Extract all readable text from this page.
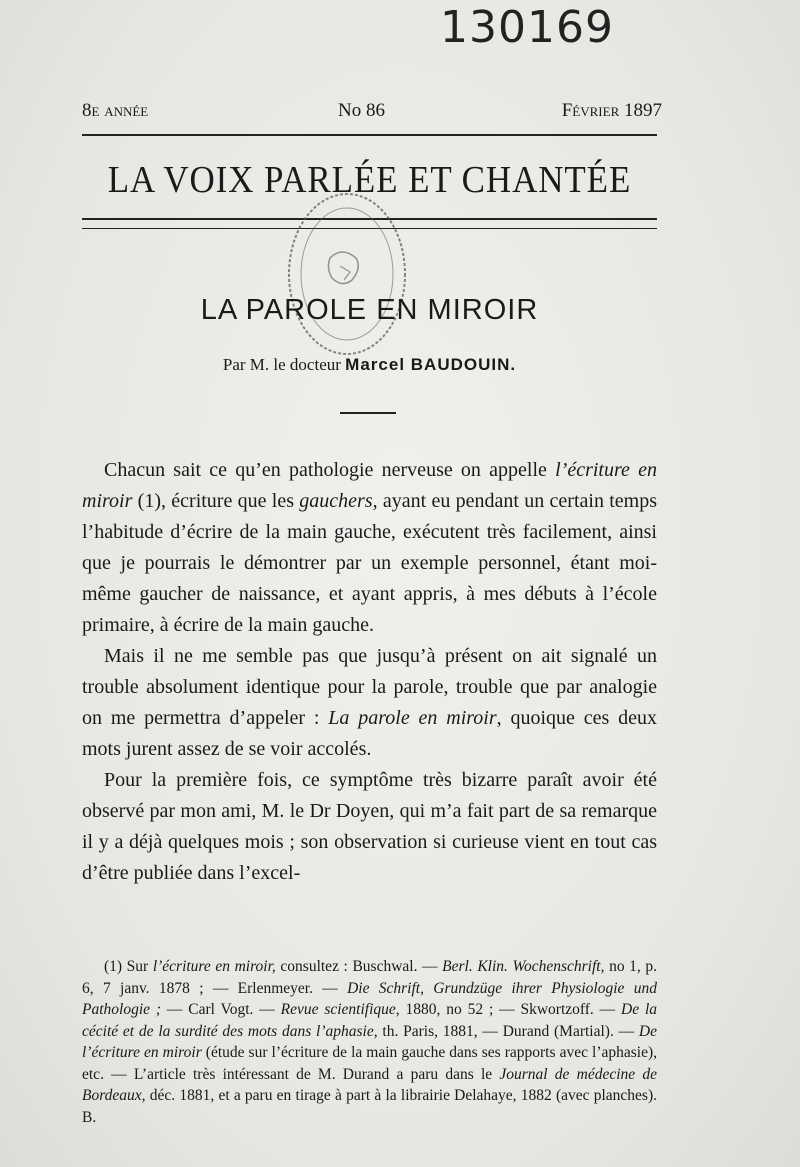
130169
8e année	No 86	Février 1897
LA VOIX PARLÉE ET CHANTÉE
LA PAROLE EN MIROIR
Par M. le docteur Marcel BAUDOUIN.

Chacun sait ce qu’en pathologie nerveuse on appelle l’écriture en miroir (1), écriture que les gauchers, ayant eu pendant un certain temps l’habitude d’écrire de la main gauche, exécutent très facilement, ainsi que je pourrais le démontrer par un exemple personnel, étant moi-même gaucher de naissance, et ayant appris, à mes débuts à l’école primaire, à écrire de la main gauche.

Mais il ne me semble pas que jusqu’à présent on ait signalé un trouble absolument identique pour la parole, trouble que par analogie on me permettra d’appeler : La parole en miroir, quoique ces deux mots jurent assez de se voir accolés.

Pour la première fois, ce symptôme très bizarre paraît avoir été observé par mon ami, M. le Dr Doyen, qui m’a fait part de sa remarque il y a déjà quelques mois ; son observation si curieuse vient en tout cas d’être publiée dans l’excel-

(1) Sur l’écriture en miroir, consultez : Buschwal. — Berl. Klin. Wochenschrift, no 1, p. 6, 7 janv. 1878 ; — Erlenmeyer. — Die Schrift, Grundzüge ihrer Physiologie und Pathologie ; — Carl Vogt. — Revue scientifique, 1880, no 52 ; — Skwortzoff. — De la cécité et de la surdité des mots dans l’aphasie, th. Paris, 1881, — Durand (Martial). — De l’écriture en miroir (étude sur l’écriture de la main gauche dans ses rapports avec l’aphasie), etc. — L’article très intéressant de M. Durand a paru dans le Journal de médecine de Bordeaux, déc. 1881, et a paru en tirage à part à la librairie Delahaye, 1882 (avec planches). B.
